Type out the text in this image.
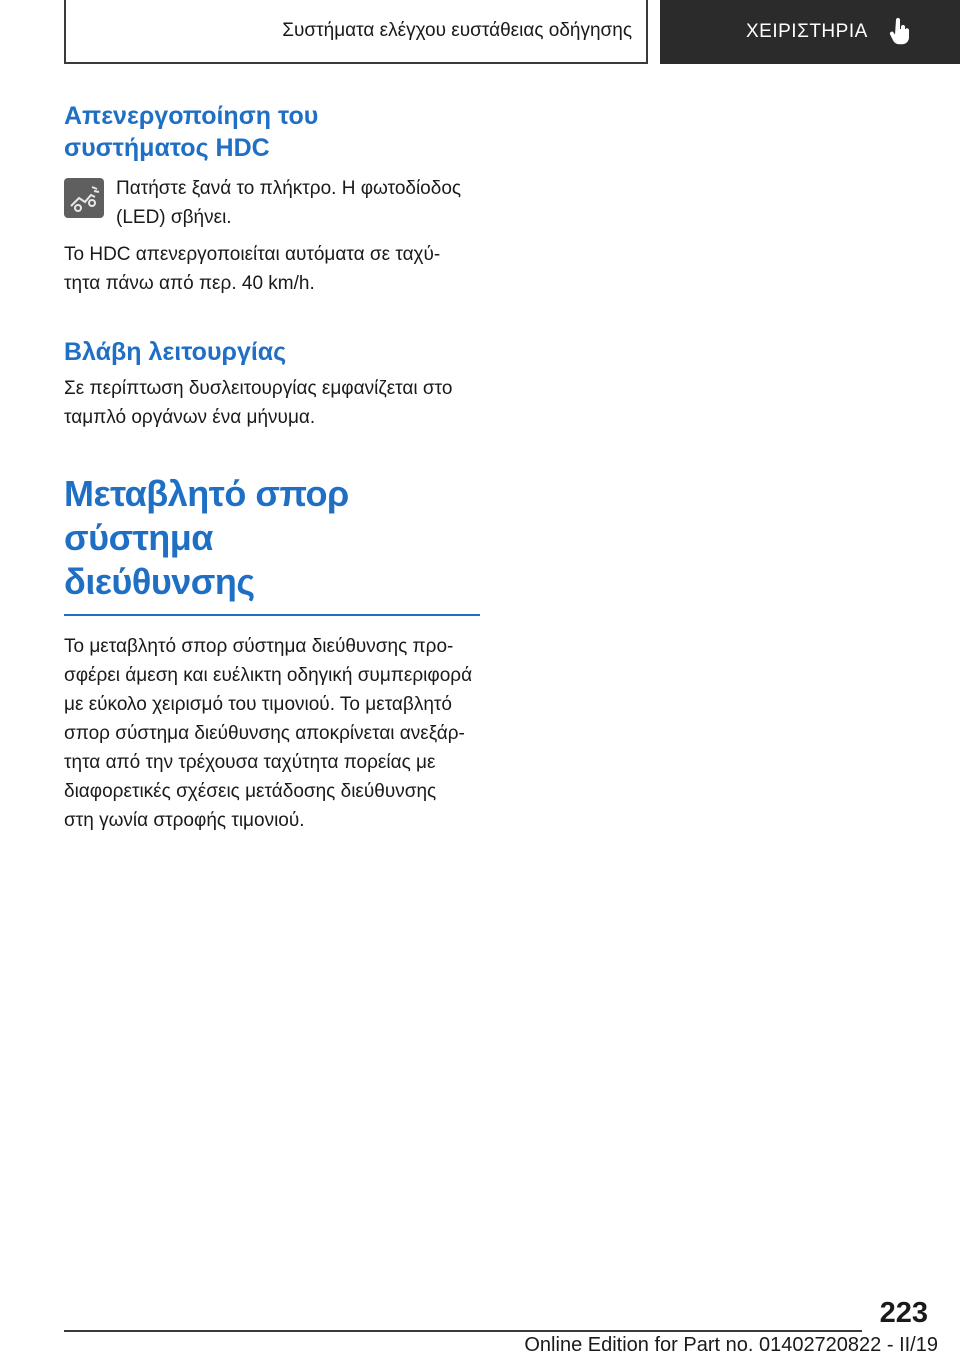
Συστήματα ελέγχου ευστάθειας οδήγησης	ΧΕΙΡΙΣΤΗΡΙΑ
Απενεργοποίηση του
συστήματος HDC

Πατήστε ξανά το πλήκτρο. Η φωτοδίοδος
(LED) σβήνει.

Το HDC απενεργοποιείται αυτόματα σε ταχύ‐
τητα πάνω από περ. 40 km/h.

Βλάβη λειτουργίας

Σε περίπτωση δυσλειτουργίας εμφανίζεται στο
ταμπλό οργάνων ένα μήνυμα.

Μεταβλητό σπορ σύστημα
διεύθυνσης

Το μεταβλητό σπορ σύστημα διεύθυνσης προ‐
σφέρει άμεση και ευέλικτη οδηγική συμπεριφορά
με εύκολο χειρισμό του τιμονιού. Το μεταβλητό
σπορ σύστημα διεύθυνσης αποκρίνεται ανεξάρ‐
τητα από την τρέχουσα ταχύτητα πορείας με
διαφορετικές σχέσεις μετάδοσης διεύθυνσης
στη γωνία στροφής τιμονιού.

223
Online Edition for Part no. 01402720822 - II/19
